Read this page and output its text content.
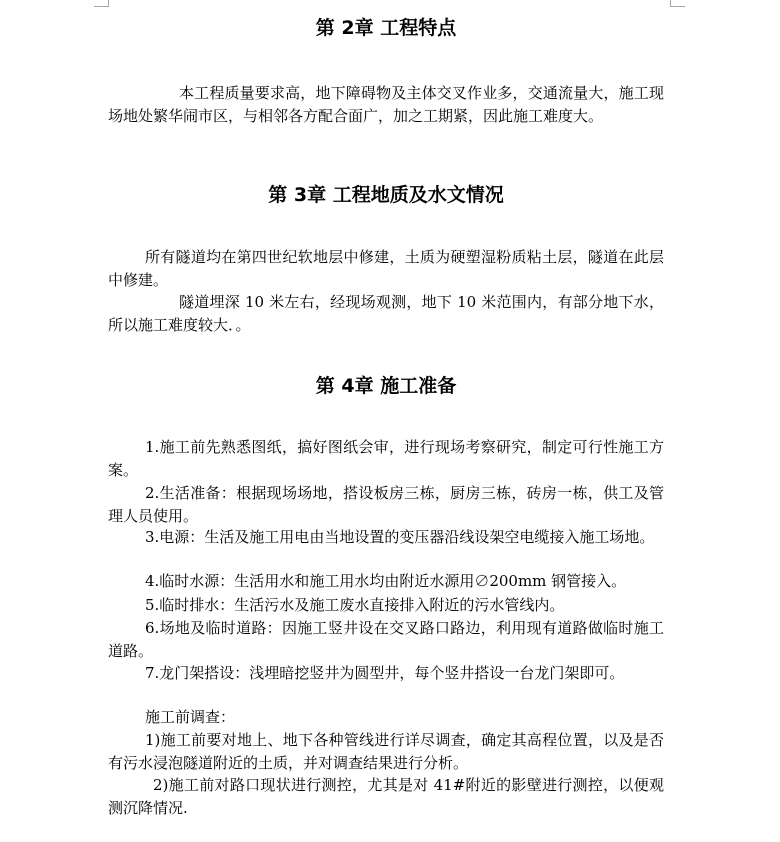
第 2章 工程特点

本工程质量要求高，地下障碍物及主体交叉作业多，交通流量大，施工现场地处繁华闹市区，与相邻各方配合面广，加之工期紧，因此施工难度大。

第 3章 工程地质及水文情况

所有隧道均在第四世纪软地层中修建，土质为硬塑湿粉质粘土层，隧道在此层中修建。

隧道埋深 10 米左右，经现场观测，地下 10 米范围内，有部分地下水，所以施工难度较大．。

第 4章 施工准备

1.施工前先熟悉图纸，搞好图纸会审，进行现场考察研究，制定可行性施工方案。

2.生活准备：根据现场场地，搭设板房三栋，厨房三栋，砖房一栋，供工及管理人员使用。

3.电源：生活及施工用电由当地设置的变压器沿线设架空电缆接入施工场地。

4.临时水源：生活用水和施工用水均由附近水源用∅200mm 钢管接入。

5.临时排水：生活污水及施工废水直接排入附近的污水管线内。

6.场地及临时道路：因施工竖井设在交叉路口路边，利用现有道路做临时施工道路。

7.龙门架搭设：浅埋暗挖竖井为圆型井，每个竖井搭设一台龙门架即可。

施工前调查：

1)施工前要对地上、地下各种管线进行详尽调查，确定其高程位置，以及是否有污水浸泡隧道附近的土质，并对调查结果进行分析。

2)施工前对路口现状进行测控，尤其是对 41#附近的影壁进行测控，以便观测沉降情况.
